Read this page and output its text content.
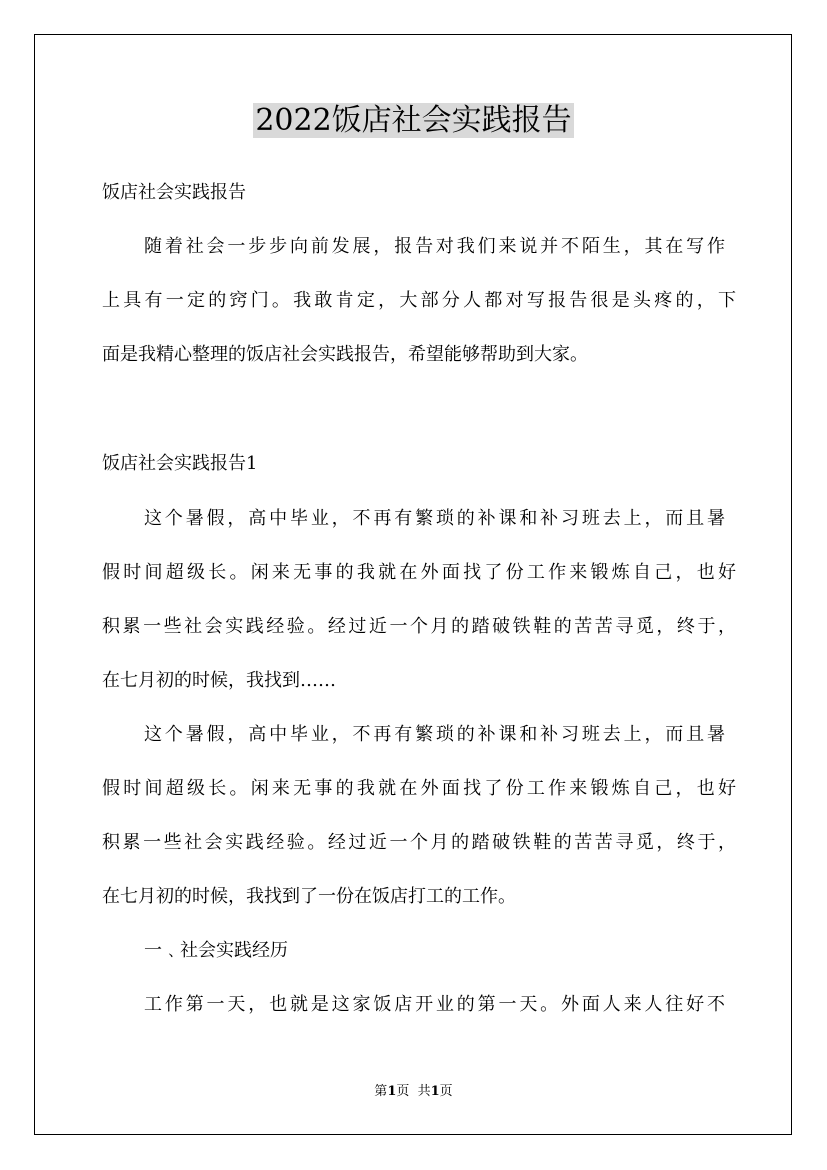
2022饭店社会实践报告
饭店社会实践报告
随着社会一步步向前发展，报告对我们来说并不陌生，其在写作
上具有一定的窍门。我敢肯定，大部分人都对写报告很是头疼的，下
面是我精心整理的饭店社会实践报告，希望能够帮助到大家。
饭店社会实践报告1
这个暑假，高中毕业，不再有繁琐的补课和补习班去上，而且暑
假时间超级长。闲来无事的我就在外面找了份工作来锻炼自己，也好
积累一些社会实践经验。经过近一个月的踏破铁鞋的苦苦寻觅，终于，
在七月初的时候，我找到……
这个暑假，高中毕业，不再有繁琐的补课和补习班去上，而且暑
假时间超级长。闲来无事的我就在外面找了份工作来锻炼自己，也好
积累一些社会实践经验。经过近一个月的踏破铁鞋的苦苦寻觅，终于，
在七月初的时候，我找到了一份在饭店打工的工作。
一﹑社会实践经历
工作第一天，也就是这家饭店开业的第一天。外面人来人往好不
第1页  共1页
